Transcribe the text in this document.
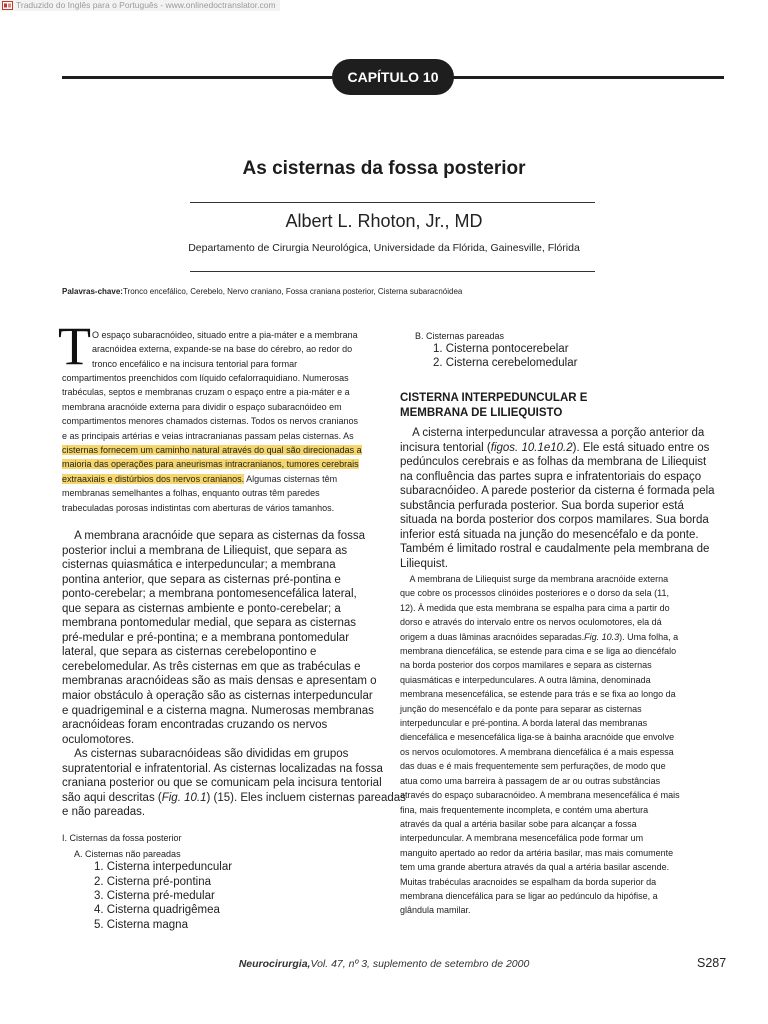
Traduzido do Inglês para o Português - www.onlinedoctranslator.com
CAPÍTULO 10
As cisternas da fossa posterior
Albert L. Rhoton, Jr., MD
Departamento de Cirurgia Neurológica, Universidade da Flórida, Gainesville, Flórida
Palavras-chave:Tronco encefálico, Cerebelo, Nervo craniano, Fossa craniana posterior, Cisterna subaracnóidea
T O espaço subaracnóideo, situado entre a pia-máter e a membrana
aracnóidea externa, expande-se na base do cérebro, ao redor do
tronco encefálico e na incisura tentorial para formar
compartimentos preenchidos com líquido cefalorraquidiano. Numerosas
trabéculas, septos e membranas cruzam o espaço entre a pia-máter e a
membrana aracnóide externa para dividir o espaço subaracnóideo em
compartimentos menores chamados cisternas. Todos os nervos cranianos
e as principais artérias e veias intracranianas passam pelas cisternas. As
cisternas fornecem um caminho natural através do qual são direcionadas a
maioria das operações para aneurismas intracranianos, tumores cerebrais
extraaxiais e distúrbios dos nervos cranianos. Algumas cisternas têm
membranas semelhantes a folhas, enquanto outras têm paredes
trabeculadas porosas indistintas com aberturas de vários tamanhos.
A membrana aracnóide que separa as cisternas da fossa
posterior inclui a membrana de Liliequist, que separa as
cisternas quiasmática e interpeduncular; a membrana
pontina anterior, que separa as cisternas pré-pontina e
ponto-cerebelar; a membrana pontomesencefálica lateral,
que separa as cisternas ambiente e ponto-cerebelar; a
membrana pontomedular medial, que separa as cisternas
pré-medular e pré-pontina; e a membrana pontomedular
lateral, que separa as cisternas cerebelopontino e
cerebelomedular. As três cisternas em que as trabéculas e
membranas aracnóideas são as mais densas e apresentam o
maior obstáculo à operação são as cisternas interpeduncular
e quadrigeminal e a cisterna magna. Numerosas membranas
aracnóideas foram encontradas cruzando os nervos
oculomotores.
As cisternas subaracnóideas são divididas em grupos
supratentorial e infratentorial. As cisternas localizadas na fossa
craniana posterior ou que se comunicam pela incisura tentorial
são aqui descritas (Fig. 10.1) (15). Eles incluem cisternas pareadas
e não pareadas.
I. Cisternas da fossa posterior
A. Cisternas não pareadas
1. Cisterna interpeduncular
2. Cisterna pré-pontina
3. Cisterna pré-medular
4. Cisterna quadrigêmea
5. Cisterna magna
B. Cisternas pareadas
1. Cisterna pontocerebelar
2. Cisterna cerebelomedular
CISTERNA INTERPEDUNCULAR E
MEMBRANA DE LILIEQUISTO
A cisterna interpeduncular atravessa a porção anterior da
incisura tentorial (figos. 10.1e10.2). Ele está situado entre os
pedúnculos cerebrais e as folhas da membrana de Liliequist
na confluência das partes supra e infratentoriais do espaço
subaracnóideo. A parede posterior da cisterna é formada pela
substância perfurada posterior. Sua borda superior está
situada na borda posterior dos corpos mamilares. Sua borda
inferior está situada na junção do mesencéfalo e da ponte.
Também é limitado rostral e caudalmente pela membrana de
Liliequist.
A membrana de Liliequist surge da membrana aracnóide externa
que cobre os processos clinóides posteriores e o dorso da sela (11,
12). À medida que esta membrana se espalha para cima a partir do
dorso e através do intervalo entre os nervos oculomotores, ela dá
origem a duas lâminas aracnóides separadas.Fig. 10.3). Uma folha, a
membrana diencefálica, se estende para cima e se liga ao diencéfalo
na borda posterior dos corpos mamilares e separa as cisternas
quiasmáticas e interpedunculares. A outra lâmina, denominada
membrana mesencefálica, se estende para trás e se fixa ao longo da
junção do mesencéfalo e da ponte para separar as cisternas
interpeduncular e pré-pontina. A borda lateral das membranas
diencefálica e mesencefálica liga-se à bainha aracnóide que envolve
os nervos oculomotores. A membrana diencefálica é a mais espessa
das duas e é mais frequentemente sem perfurações, de modo que
atua como uma barreira à passagem de ar ou outras substâncias
através do espaço subaracnóideo. A membrana mesencefálica é mais
fina, mais frequentemente incompleta, e contém uma abertura
através da qual a artéria basilar sobe para alcançar a fossa
interpeduncular. A membrana mesencefálica pode formar um
manguito apertado ao redor da artéria basilar, mas mais comumente
tem uma grande abertura através da qual a artéria basilar ascende.
Muitas trabéculas aracnoides se espalham da borda superior da
membrana diencefálica para se ligar ao pedúnculo da hipófise, a
glândula mamilar.
Neurocirurgia,Vol. 47, nº 3, suplemento de setembro de 2000	S287
